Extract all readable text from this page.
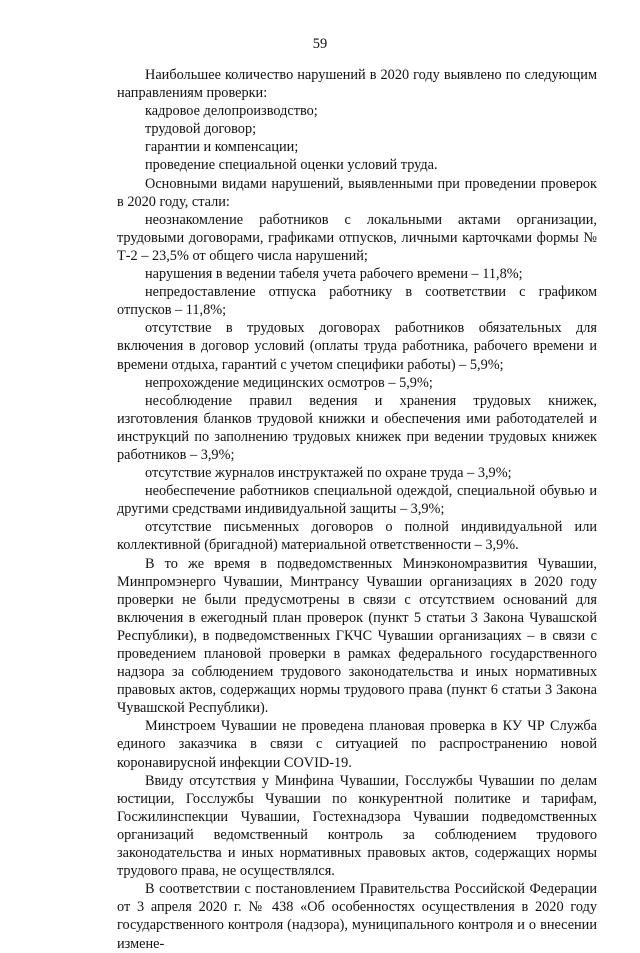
59

Наибольшее количество нарушений в 2020 году выявлено по следующим направлениям проверки:

кадровое делопроизводство;

трудовой договор;

гарантии и компенсации;

проведение специальной оценки условий труда.

Основными видами нарушений, выявленными при проведении проверок в 2020 году, стали:

неознакомление работников с локальными актами организации, трудовыми договорами, графиками отпусков, личными карточками формы № Т-2 – 23,5% от общего числа нарушений;

нарушения в ведении табеля учета рабочего времени – 11,8%;

непредоставление отпуска работнику в соответствии с графиком отпусков – 11,8%;

отсутствие в трудовых договорах работников обязательных для включения в договор условий (оплаты труда работника, рабочего времени и времени отдыха, гарантий с учетом специфики работы) – 5,9%;

непрохождение медицинских осмотров – 5,9%;

несоблюдение правил ведения и хранения трудовых книжек, изготовления бланков трудовой книжки и обеспечения ими работодателей и инструкций по заполнению трудовых книжек при ведении трудовых книжек работников – 3,9%;

отсутствие журналов инструктажей по охране труда – 3,9%;

необеспечение работников специальной одеждой, специальной обувью и другими средствами индивидуальной защиты – 3,9%;

отсутствие письменных договоров о полной индивидуальной или коллективной (бригадной) материальной ответственности – 3,9%.

В то же время в подведомственных Минэкономразвития Чувашии, Минпромэнерго Чувашии, Минтрансу Чувашии организациях в 2020 году проверки не были предусмотрены в связи с отсутствием оснований для включения в ежегодный план проверок (пункт 5 статьи 3 Закона Чувашской Республики), в подведомственных ГКЧС Чувашии организациях – в связи с проведением плановой проверки в рамках федерального государственного надзора за соблюдением трудового законодательства и иных нормативных правовых актов, содержащих нормы трудового права (пункт 6 статьи 3 Закона Чувашской Республики).

Минстроем Чувашии не проведена плановая проверка в КУ ЧР Служба единого заказчика в связи с ситуацией по распространению новой коронавирусной инфекции COVID-19.

Ввиду отсутствия у Минфина Чувашии, Госслужбы Чувашии по делам юстиции, Госслужбы Чувашии по конкурентной политике и тарифам, Госжилинспекции Чувашии, Гостехнадзора Чувашии подведомственных организаций ведомственный контроль за соблюдением трудового законодательства и иных нормативных правовых актов, содержащих нормы трудового права, не осуществлялся.

В соответствии с постановлением Правительства Российской Федерации от 3 апреля 2020 г. № 438 «Об особенностях осуществления в 2020 году государственного контроля (надзора), муниципального контроля и о внесении измене-
